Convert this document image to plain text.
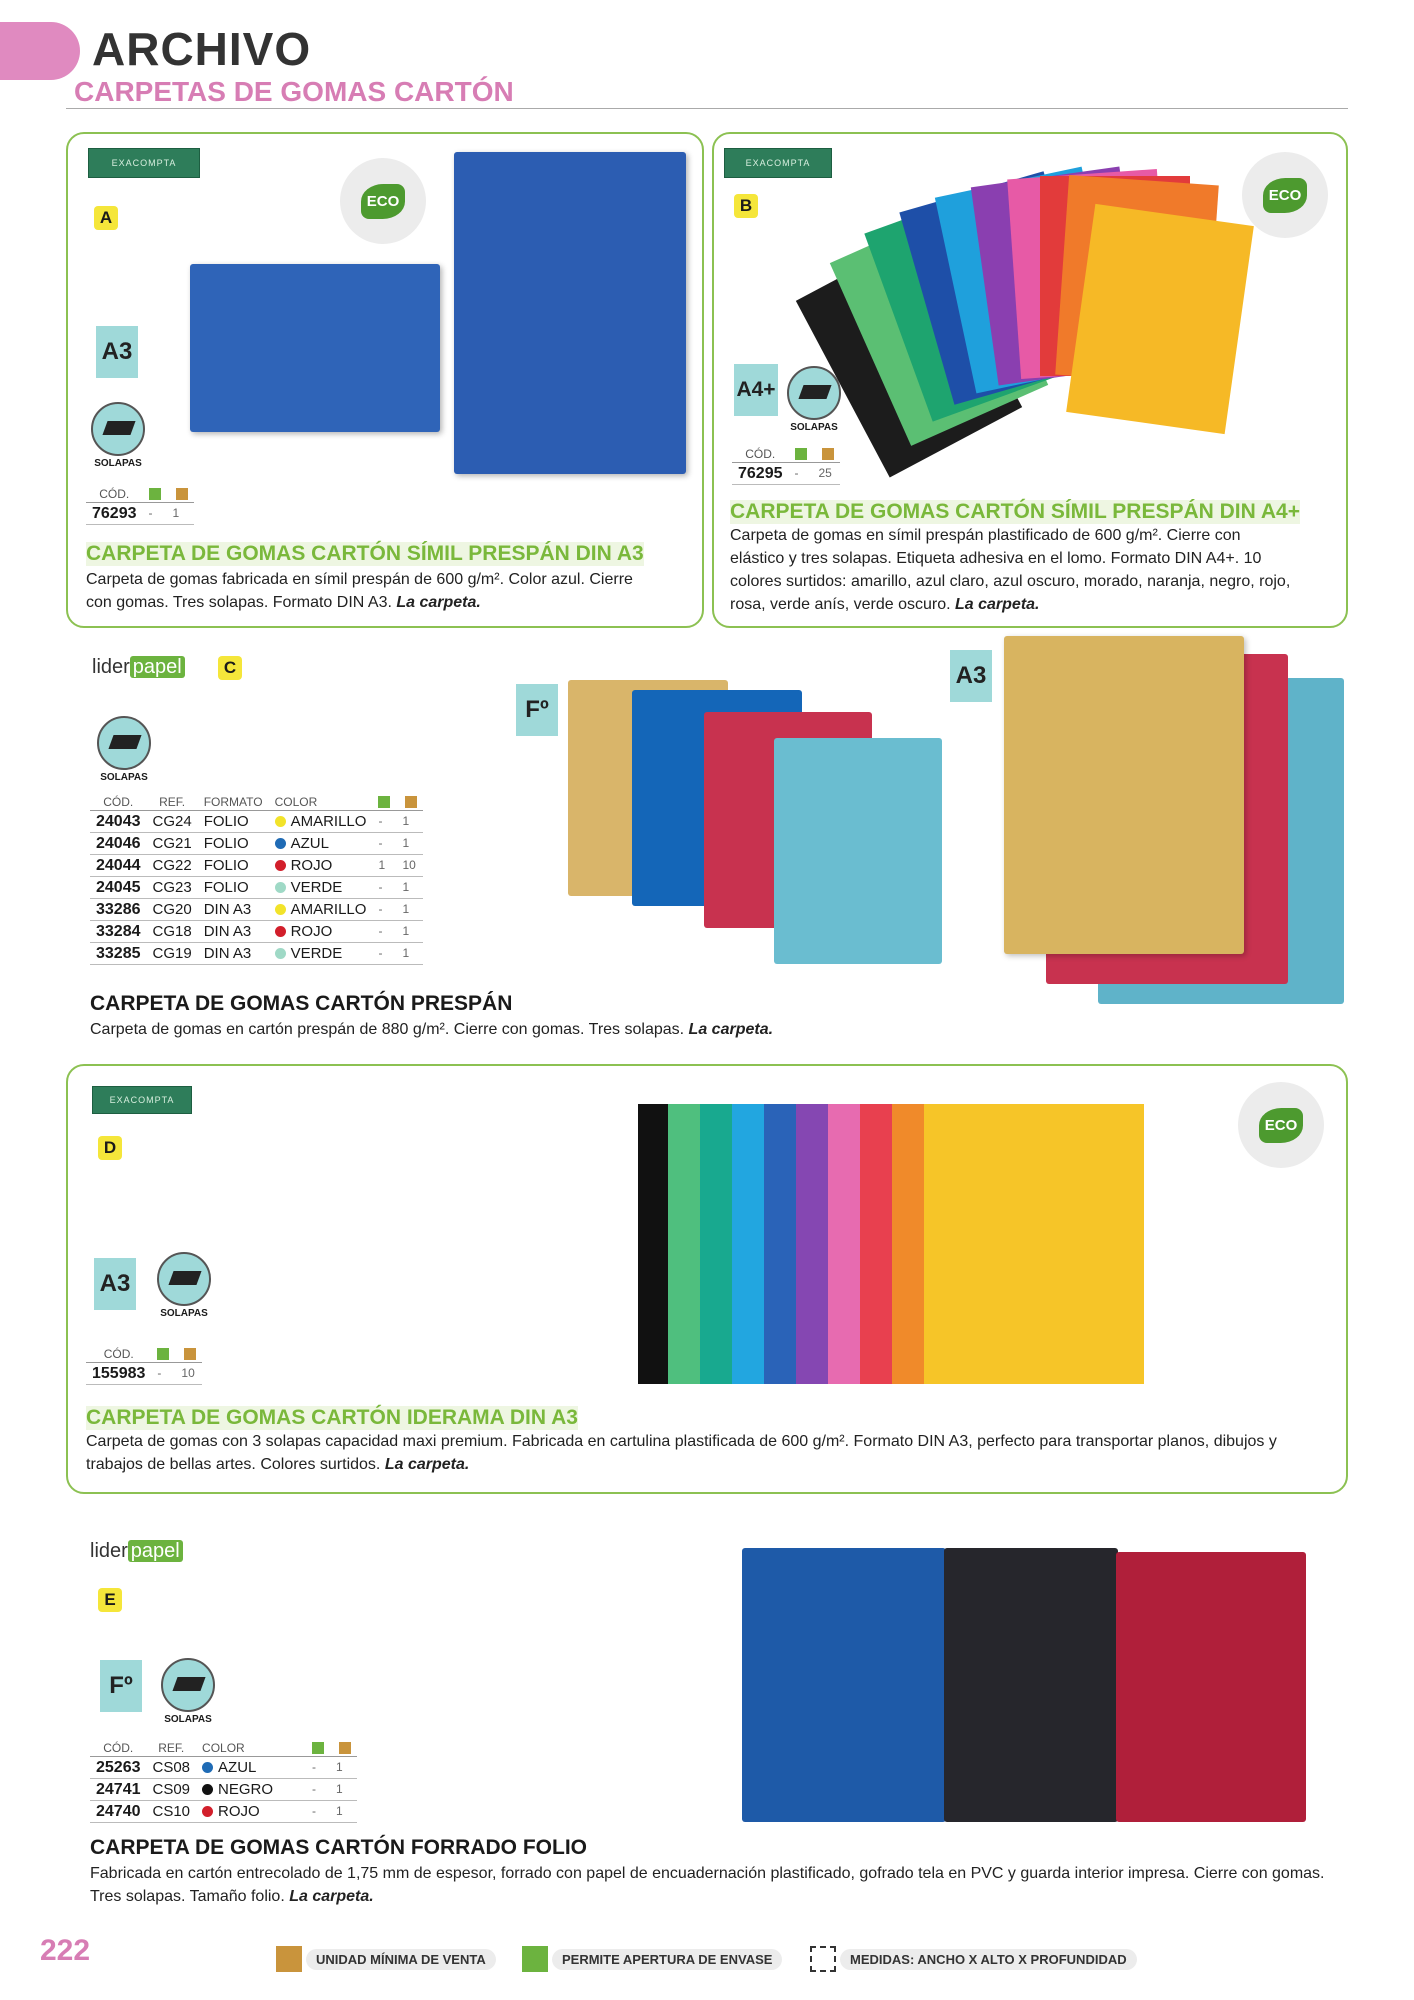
ARCHIVO
CARPETAS DE GOMAS CARTÓN
EXACOMPTA
A
ECO
A3
SOLAPAS
CÓD.		
76293	-	1
CARPETA DE GOMAS CARTÓN SÍMIL PRESPÁN DIN A3
Carpeta de gomas fabricada en símil prespán de 600 g/m². Color azul. Cierre con gomas. Tres solapas. Formato DIN A3. La carpeta.
EXACOMPTA
B
ECO
A4+
SOLAPAS
CÓD.		
76295	-	25
CARPETA DE GOMAS CARTÓN SÍMIL PRESPÁN DIN A4+
Carpeta de gomas en símil prespán plastificado de 600 g/m². Cierre con elástico y tres solapas. Etiqueta adhesiva en el lomo. Formato DIN A4+. 10 colores surtidos: amarillo, azul claro, azul oscuro, morado, naranja, negro, rojo, rosa, verde anís, verde oscuro. La carpeta.
lider papel	C
SOLAPAS
CÓD.	REF.	FORMATO	COLOR		
24043	CG24	FOLIO	AMARILLO	-	1
24046	CG21	FOLIO	AZUL	-	1
24044	CG22	FOLIO	ROJO	1	10
24045	CG23	FOLIO	VERDE	-	1
33286	CG20	DIN A3	AMARILLO	-	1
33284	CG18	DIN A3	ROJO	-	1
33285	CG19	DIN A3	VERDE	-	1
Fº
A3
CARPETA DE GOMAS CARTÓN PRESPÁN
Carpeta de gomas en cartón prespán de 880 g/m². Cierre con gomas. Tres solapas. La carpeta.
EXACOMPTA
D
ECO
A3
SOLAPAS
CÓD.		
155983	-	10
CARPETA DE GOMAS CARTÓN IDERAMA DIN A3
Carpeta de gomas con 3 solapas capacidad maxi premium. Fabricada en cartulina plastificada de 600 g/m². Formato DIN A3, perfecto para transportar planos, dibujos y trabajos de bellas artes. Colores surtidos. La carpeta.
lider papel
E
Fº
SOLAPAS
CÓD.	REF.	COLOR		
25263	CS08	AZUL	-	1
24741	CS09	NEGRO	-	1
24740	CS10	ROJO	-	1
CARPETA DE GOMAS CARTÓN FORRADO FOLIO
Fabricada en cartón entrecolado de 1,75 mm de espesor, forrado con papel de encuadernación plastificado, gofrado tela en PVC y guarda interior impresa. Cierre con gomas. Tres solapas. Tamaño folio. La carpeta.
222	UNIDAD MÍNIMA DE VENTA	PERMITE APERTURA DE ENVASE	MEDIDAS: ANCHO X ALTO X PROFUNDIDAD
